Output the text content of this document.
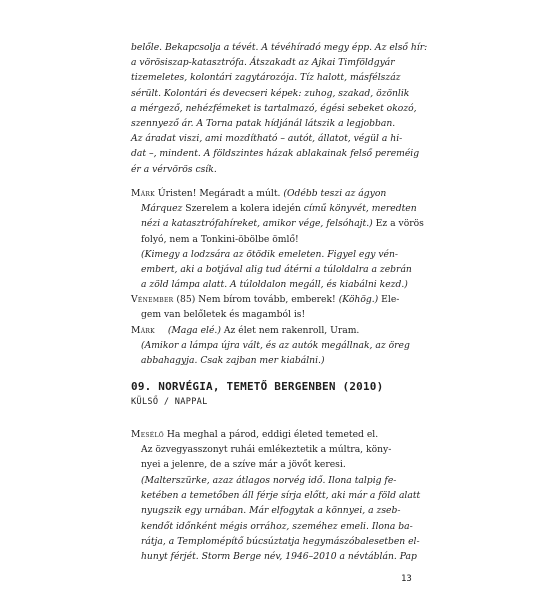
belőle. Bekapcsolja a tévét. A tévéhíradó megy épp. Az első hír:
a vörösiszap-katasztrófa. Átszakadt az Ajkai Timföldgyár
tizemeletes, kolontári zagytározója. Tíz halott, másfélszáz
sérült. Kolontári és devecseri képek: zuhog, szakad, özönlik
a mérgező, nehézfémeket is tartalmazó, égési sebeket okozó,
szennyező ár. A Torna patak hídjánál látszik a legjobban.
Az áradat viszi, ami mozdítható – autót, állatot, végül a hi-
dat –, mindent. A földszintes házak ablakainak felső pereméig
ér a vérvörös csík.
Márk Úristen! Megáradt a múlt. (Odébb teszi az ágyon
Márquez Szerelem a kolera idején című könyvét, meredten
nézi a katasztrófahíreket, amikor vége, felsóhajt.) Ez a vörös
folyó, nem a Tonkini-öbölbe ömlő!
(Kimegy a lodzsára az ötödik emeleten. Figyel egy vén-
embert, aki a botjával alig tud átérni a túloldalra a zebrán
a zöld lámpa alatt. A túloldalon megáll, és kiabálni kezd.)
Vénember (85) Nem bírom tovább, emberek! (Köhög.) Ele-
gem van belőletek és magamból is!
Márk (Maga elé.) Az élet nem rakenroll, Uram.
(Amikor a lámpa újra vált, és az autók megállnak, az öreg
abbahagyja. Csak zajban mer kiabálni.)
09. NORVÉGIA, TEMETŐ BERGENBEN (2010)
KÜLSŐ / NAPPAL
Mesélő Ha meghal a párod, eddigi életed temeted el.
Az özvegyasszonyt ruhái emlékeztetik a múltra, köny-
nyei a jelenre, de a szíve már a jövőt keresi.
(Malterszürke, azaz átlagos norvég idő. Ilona talpig fe-
ketében a temetőben áll férje sírja előtt, aki már a föld alatt
nyugszik egy urnában. Már elfogytak a könnyei, a zseb-
kendőt időnként mégis orrához, szeméhez emeli. Ilona ba-
rátja, a Templomépítő búcsúztatja hegymászóbalesetben el-
hunyt férjét. Storm Berge név, 1946–2010 a névtáblán. Pap
13
